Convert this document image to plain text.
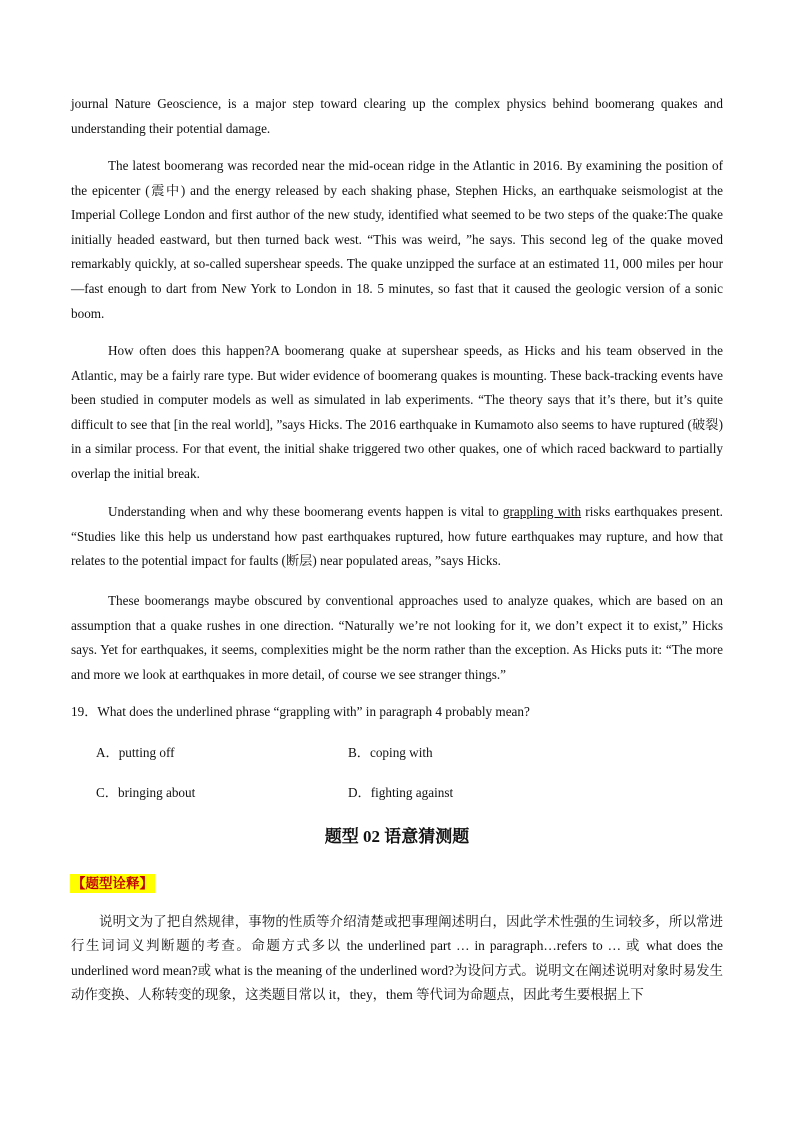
journal Nature Geoscience, is a major step toward clearing up the complex physics behind boomerang quakes and understanding their potential damage.

The latest boomerang was recorded near the mid-ocean ridge in the Atlantic in 2016. By examining the position of the epicenter (震中) and the energy released by each shaking phase, Stephen Hicks, an earthquake seismologist at the Imperial College London and first author of the new study, identified what seemed to be two steps of the quake:The quake initially headed eastward, but then turned back west. “This was weird, ”he says. This second leg of the quake moved remarkably quickly, at so-called supershear speeds. The quake unzipped the surface at an estimated 11, 000 miles per hour—fast enough to dart from New York to London in 18. 5 minutes, so fast that it caused the geologic version of a sonic boom.

How often does this happen?A boomerang quake at supershear speeds, as Hicks and his team observed in the Atlantic, may be a fairly rare type. But wider evidence of boomerang quakes is mounting. These back-tracking events have been studied in computer models as well as simulated in lab experiments. “The theory says that it’s there, but it’s quite difficult to see that [in the real world], ”says Hicks. The 2016 earthquake in Kumamoto also seems to have ruptured (破裂) in a similar process. For that event, the initial shake triggered two other quakes, one of which raced backward to partially overlap the initial break.

Understanding when and why these boomerang events happen is vital to grappling with risks earthquakes present. “Studies like this help us understand how past earthquakes ruptured, how future earthquakes may rupture, and how that relates to the potential impact for faults (断层) near populated areas, ”says Hicks.

These boomerangs maybe obscured by conventional approaches used to analyze quakes, which are based on an assumption that a quake rushes in one direction. “Naturally we’re not looking for it, we don’t expect it to exist,” Hicks says. Yet for earthquakes, it seems, complexities might be the norm rather than the exception. As Hicks puts it: “The more and more we look at earthquakes in more detail, of course we see stranger things.”

19．What does the underlined phrase “grappling with” in paragraph 4 probably mean?
A．putting off	B．coping with
C．bringing about	D．fighting against
题型 02 语意猜测题
【题型诠释】

说明文为了把自然规律，事物的性质等介绍清楚或把事理阐述明白，因此学术性强的生词较多，所以常进行生词词义判断题的考查。命题方式多以 the underlined part … in paragraph…refers to … 或 what does the underlined word mean?或 what is the meaning of the underlined word?为设问方式。说明文在阐述说明对象时易发生动作变换、人称转变的现象，这类题目常以 it，they，them 等代词为命题点，因此考生要根据上下
